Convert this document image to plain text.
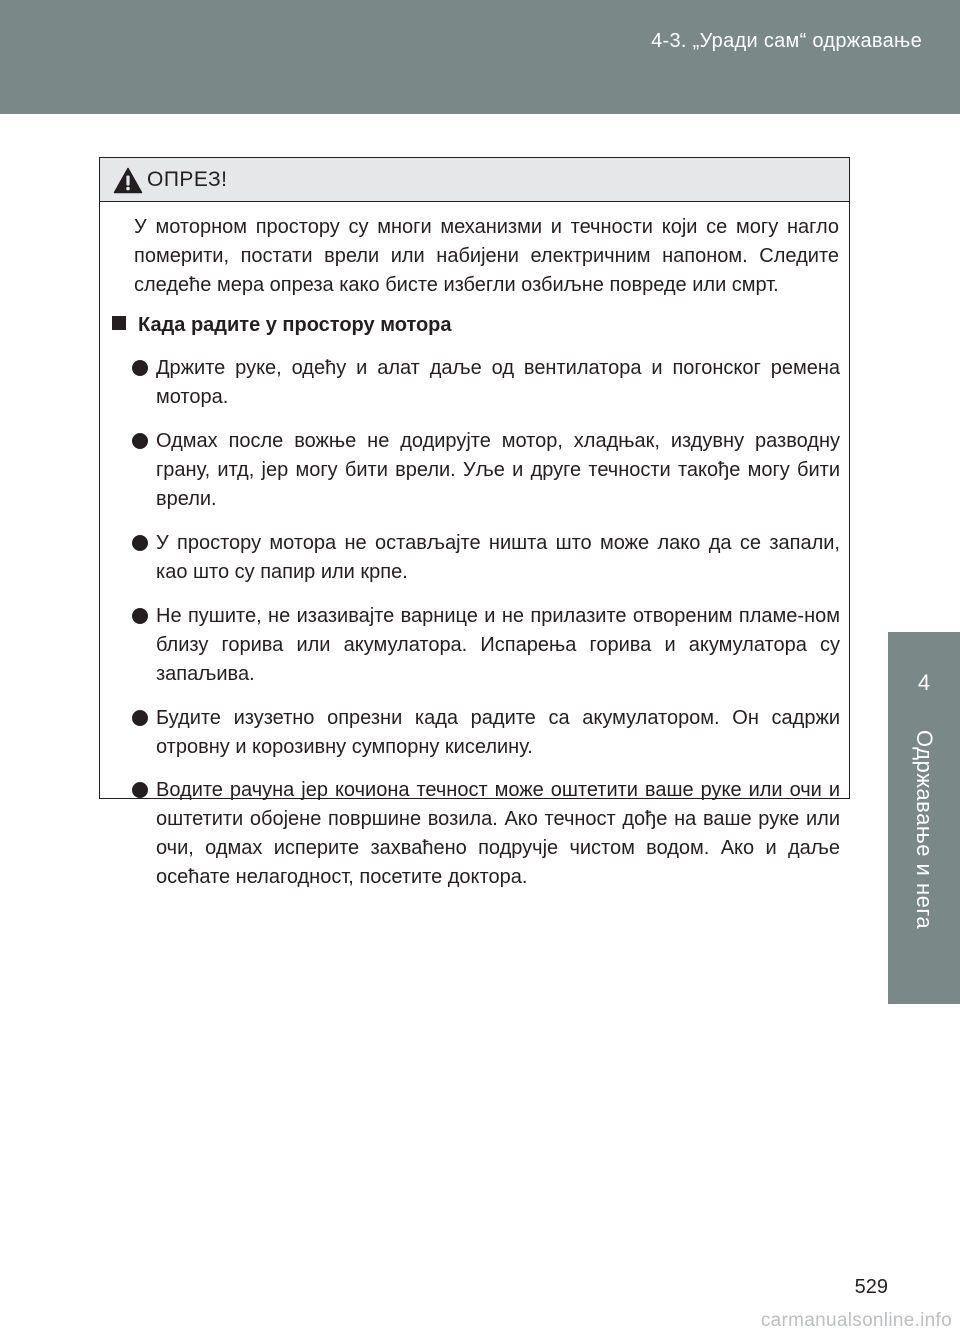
4-3. „Уради сам“ одржавање
4
Одржавање и нега
ОПРЕЗ!
У моторном простору су многи механизми и течности који се могу нагло померити, постати врели или набијени електричним напоном. Следите следеће мера опреза како бисте избегли озбиљне повреде или смрт.
Када радите у простору мотора
Држите руке, одећу и алат даље од вентилатора и погонског ремена мотора.
Одмах после вожње не додирујте мотор, хладњак, издувну разводну грану, итд, јер могу бити врели. Уље и друге течности такође могу бити врели.
У простору мотора не остављајте ништа што може лако да се запали, као што су папир или крпе.
Не пушите, не изазивајте варнице и не прилазите отвореним пламе-ном близу горива или акумулатора. Испарења горива и акумулатора су запаљива.
Будите изузетно опрезни када радите са акумулатором. Он садржи отровну и корозивну сумпорну киселину.
Водите рачуна јер кочиона течност може оштетити ваше руке или очи и оштетити обојене површине возила. Ако течност дође на ваше руке или очи, одмах исперите захваћено подручје чистом водом. Ако и даље осећате нелагодност, посетите доктора.
529
carmanualsonline.info
